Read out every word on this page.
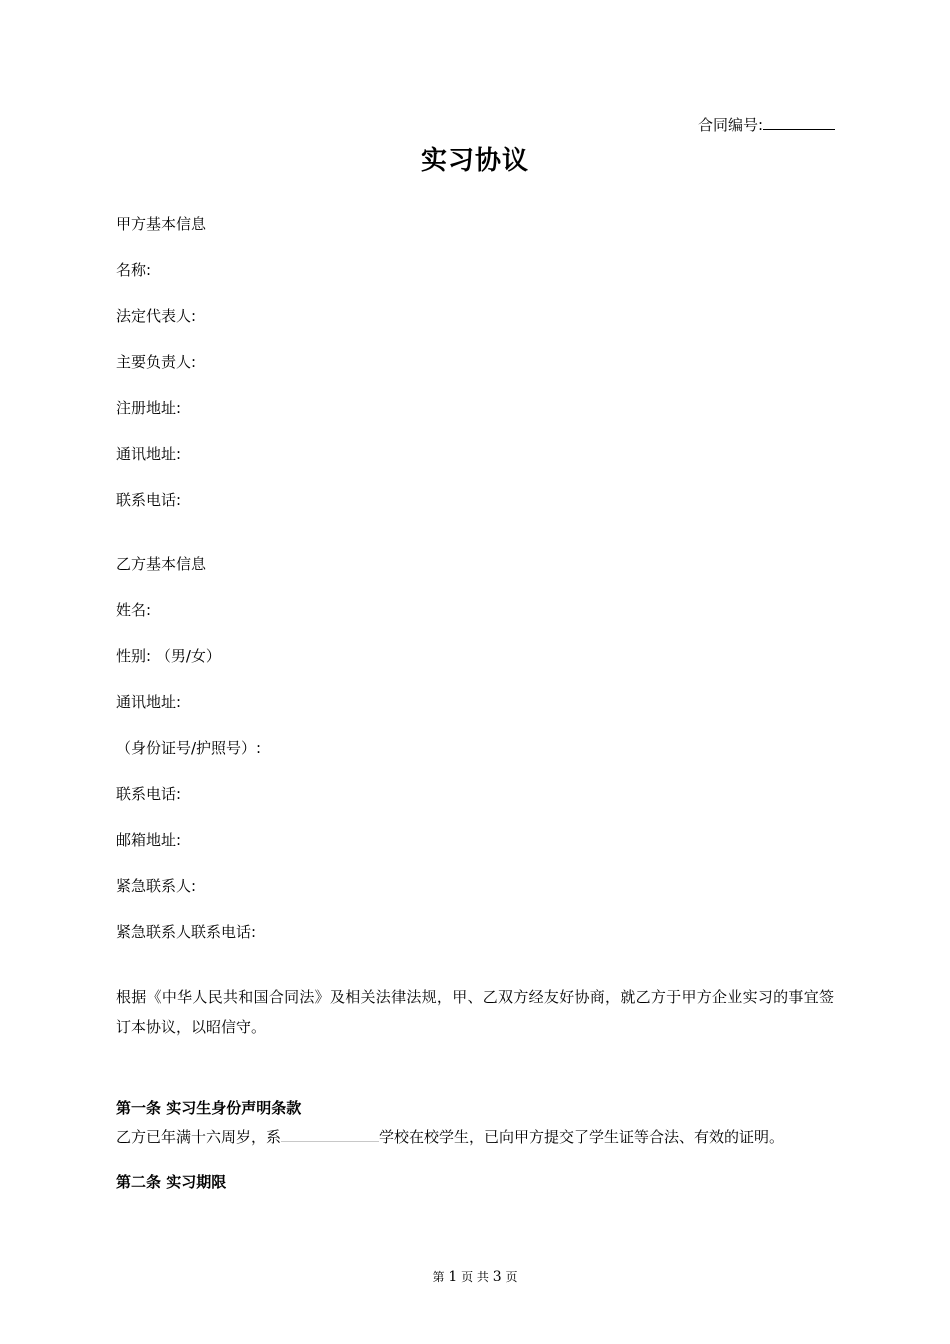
合同编号:
实习协议
甲方基本信息
名称:
法定代表人:
主要负责人:
注册地址:
通讯地址:
联系电话:
乙方基本信息
姓名:
性别: （男/女）
通讯地址:
（身份证号/护照号）:
联系电话:
邮箱地址:
紧急联系人:
紧急联系人联系电话:
根据《中华人民共和国合同法》及相关法律法规，甲、乙双方经友好协商，就乙方于甲方企业实习的事宜签订本协议，以昭信守。
第一条 实习生身份声明条款
乙方已年满十六周岁，系	学校在校学生，已向甲方提交了学生证等合法、有效的证明。
第二条 实习期限
第 1 页 共 3 页
